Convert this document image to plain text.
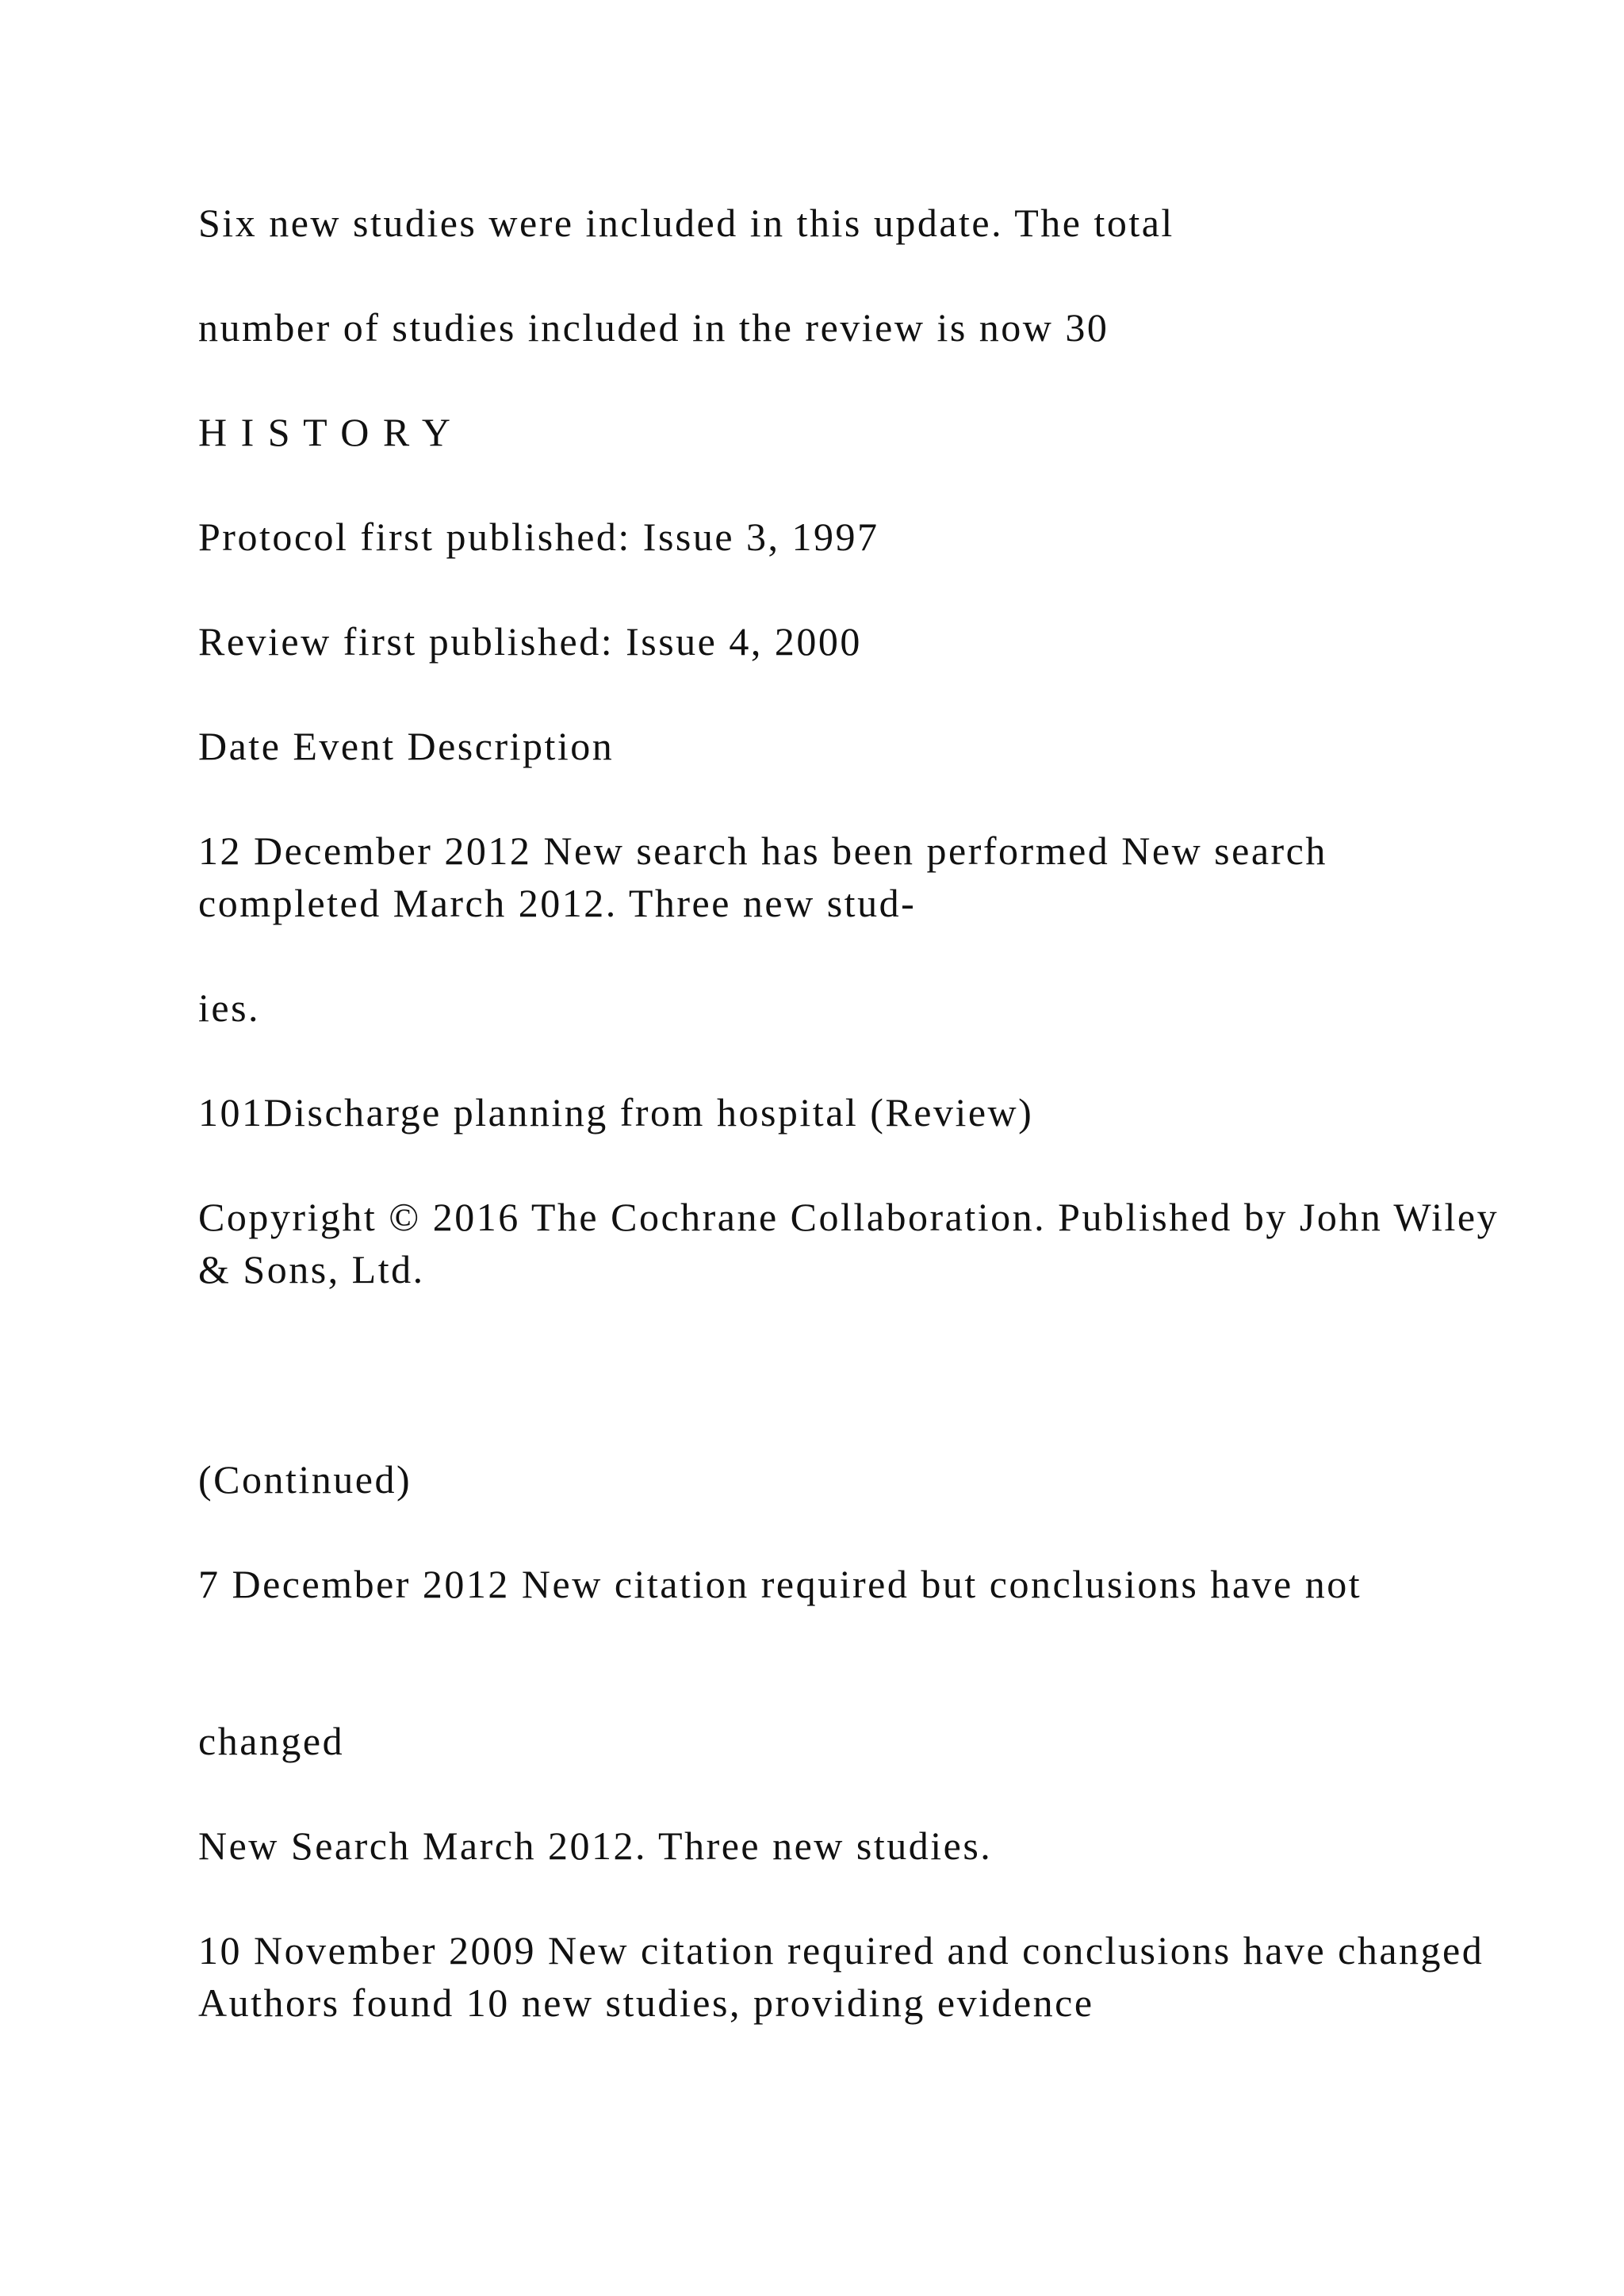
Six new studies were included in this update. The total

number of studies included in the review is now 30

H I S T O R Y

Protocol first published: Issue 3, 1997

Review first published: Issue 4, 2000

Date Event Description

12 December 2012 New search has been performed New search completed March 2012. Three new stud-

ies.

101Discharge planning from hospital (Review)

Copyright © 2016 The Cochrane Collaboration. Published by John Wiley & Sons, Ltd.

(Continued)

7 December 2012 New citation required but conclusions have not

changed

New Search March 2012. Three new studies.

10 November 2009 New citation required and conclusions have changed Authors found 10 new studies, providing evidence
